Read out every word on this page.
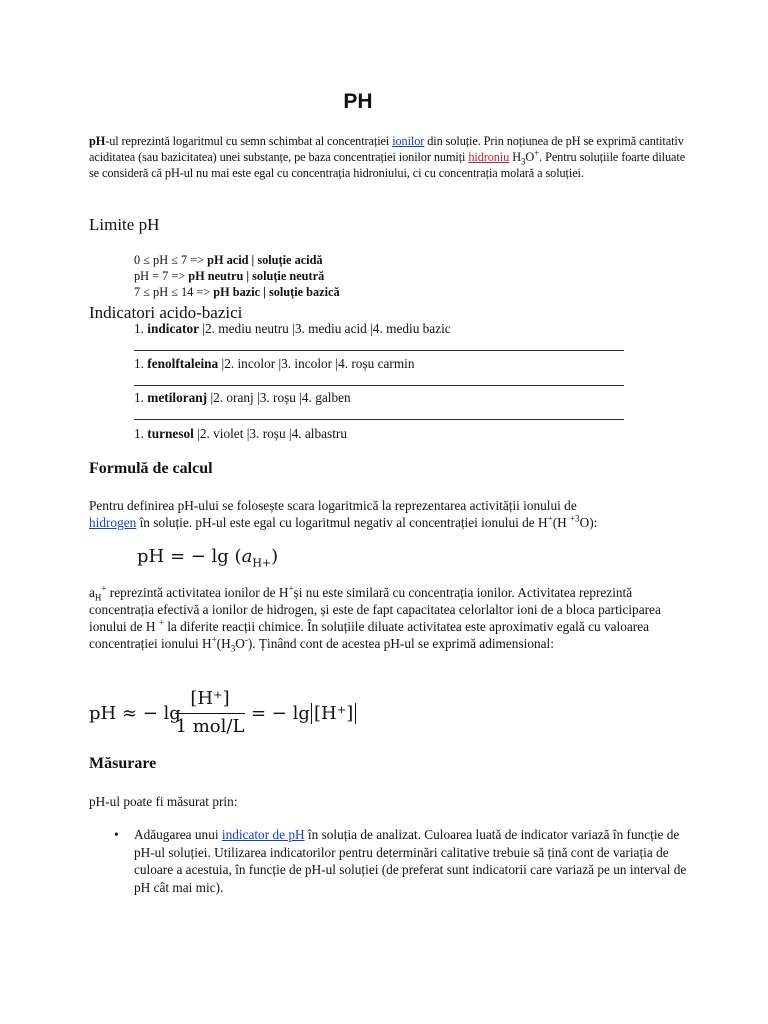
PH
pH-ul reprezintă logaritmul cu semn schimbat al concentrației ionilor din soluție. Prin noțiunea de pH se exprimă cantitativ aciditatea (sau bazicitatea) unei substanțe, pe baza concentrației ionilor numiți hidroniu $H_3O^+$. Pentru soluțiile foarte diluate se consideră că pH-ul nu mai este egal cu concentrația hidroniului, ci cu concentrația molară a soluției.
Limite pH
0 ≤ pH ≤ 7 => pH acid | soluție acidă
pH = 7 => pH neutru | soluție neutră
7 ≤ pH ≤ 14 => pH bazic | soluție bazică
Indicatori acido-bazici
1. indicator |2. mediu neutru |3. mediu acid |4. mediu bazic
1. fenolftaleina |2. incolor |3. incolor |4. roșu carmin
1. metiloranj |2. oranj |3. roșu |4. galben
1. turnesol |2. violet |3. roșu |4. albastru
Formulă de calcul
Pentru definirea pH-ului se folosește scara logaritmică la reprezentarea activității ionului de
hidrogen în soluție. pH-ul este egal cu logaritmul negativ al concentrației ionului de H+(H $^{+3}$O):
pH = − $\lg (a_{H+})$
$a_H^+$ reprezintă activitatea ionilor de H+și nu este similară cu concentrația ionilor. Activitatea reprezintă concentrația efectivă a ionilor de hidrogen, și este de fapt capacitatea celorlaltor ioni de a bloca participarea ionului de H + la diferite reacții chimice. În soluțiile diluate activitatea este aproximativ egală cu valoarea concentrației ionului $H^+(H_3O^-)$. Ținând cont de acestea pH-ul se exprimă adimensional:
pH ≈ − lg
[H⁺]
1 mol/L
= − lg [H⁺]
Măsurare
pH-ul poate fi măsurat prin:
• Adăugarea unui indicator de pH în soluția de analizat. Culoarea luată de indicator variază în funcție de pH-ul soluției. Utilizarea indicatorilor pentru determinări calitative trebuie să țină cont de variația de culoare a acestuia, în funcție de pH-ul soluției (de preferat sunt indicatorii care variază pe un interval de pH cât mai mic).
